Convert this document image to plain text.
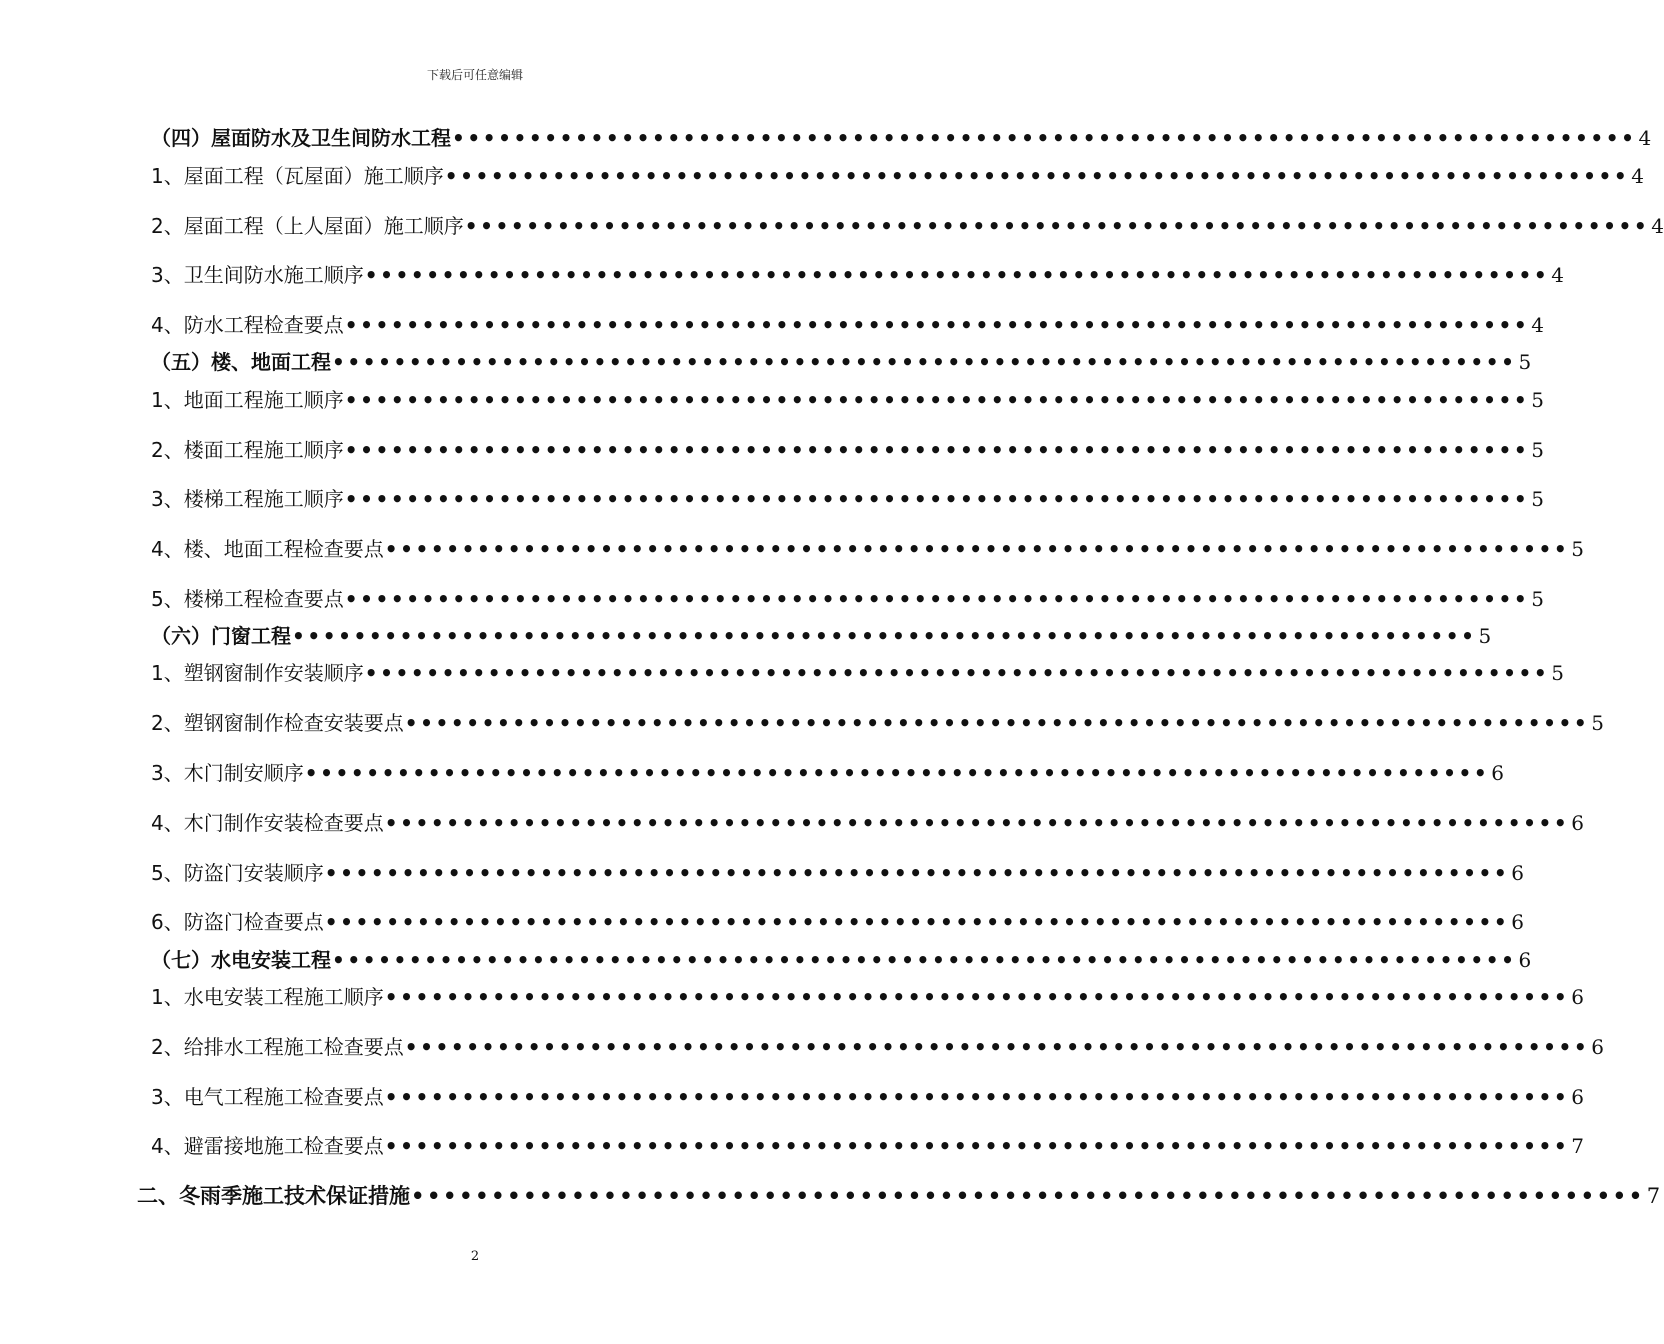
下载后可任意编辑
（四）屋面防水及卫生间防水工程 ••••••••••••••••••••••••••••••••••••••••••••••••••••••••••••••••••••••••••••• 4
1、屋面工程（瓦屋面）施工顺序 ••••••••••••••••••••••••••••••••••••••••••••••••••••••••••••••••••••••••••••• 4
2、屋面工程（上人屋面）施工顺序 ••••••••••••••••••••••••••••••••••••••••••••••••••••••••••••••••••••••••••••• 4
3、卫生间防水施工顺序 ••••••••••••••••••••••••••••••••••••••••••••••••••••••••••••••••••••••••••••• 4
4、防水工程检查要点 ••••••••••••••••••••••••••••••••••••••••••••••••••••••••••••••••••••••••••••• 4
（五）楼、地面工程 ••••••••••••••••••••••••••••••••••••••••••••••••••••••••••••••••••••••••••••• 5
1、地面工程施工顺序 ••••••••••••••••••••••••••••••••••••••••••••••••••••••••••••••••••••••••••••• 5
2、楼面工程施工顺序 ••••••••••••••••••••••••••••••••••••••••••••••••••••••••••••••••••••••••••••• 5
3、楼梯工程施工顺序 ••••••••••••••••••••••••••••••••••••••••••••••••••••••••••••••••••••••••••••• 5
4、楼、地面工程检查要点 ••••••••••••••••••••••••••••••••••••••••••••••••••••••••••••••••••••••••••••• 5
5、楼梯工程检查要点 ••••••••••••••••••••••••••••••••••••••••••••••••••••••••••••••••••••••••••••• 5
（六）门窗工程 ••••••••••••••••••••••••••••••••••••••••••••••••••••••••••••••••••••••••••••• 5
1、塑钢窗制作安装顺序 ••••••••••••••••••••••••••••••••••••••••••••••••••••••••••••••••••••••••••••• 5
2、塑钢窗制作检查安装要点 ••••••••••••••••••••••••••••••••••••••••••••••••••••••••••••••••••••••••••••• 5
3、木门制安顺序 ••••••••••••••••••••••••••••••••••••••••••••••••••••••••••••••••••••••••••••• 6
4、木门制作安装检查要点 ••••••••••••••••••••••••••••••••••••••••••••••••••••••••••••••••••••••••••••• 6
5、防盗门安装顺序 ••••••••••••••••••••••••••••••••••••••••••••••••••••••••••••••••••••••••••••• 6
6、防盗门检查要点 ••••••••••••••••••••••••••••••••••••••••••••••••••••••••••••••••••••••••••••• 6
（七）水电安装工程 ••••••••••••••••••••••••••••••••••••••••••••••••••••••••••••••••••••••••••••• 6
1、水电安装工程施工顺序 ••••••••••••••••••••••••••••••••••••••••••••••••••••••••••••••••••••••••••••• 6
2、给排水工程施工检查要点 ••••••••••••••••••••••••••••••••••••••••••••••••••••••••••••••••••••••••••••• 6
3、电气工程施工检查要点 ••••••••••••••••••••••••••••••••••••••••••••••••••••••••••••••••••••••••••••• 6
4、避雷接地施工检查要点 ••••••••••••••••••••••••••••••••••••••••••••••••••••••••••••••••••••••••••••• 7
二、冬雨季施工技术保证措施 ••••••••••••••••••••••••••••••••••••••••••••••••••••••••••••••••••••••••••••• 7
2
